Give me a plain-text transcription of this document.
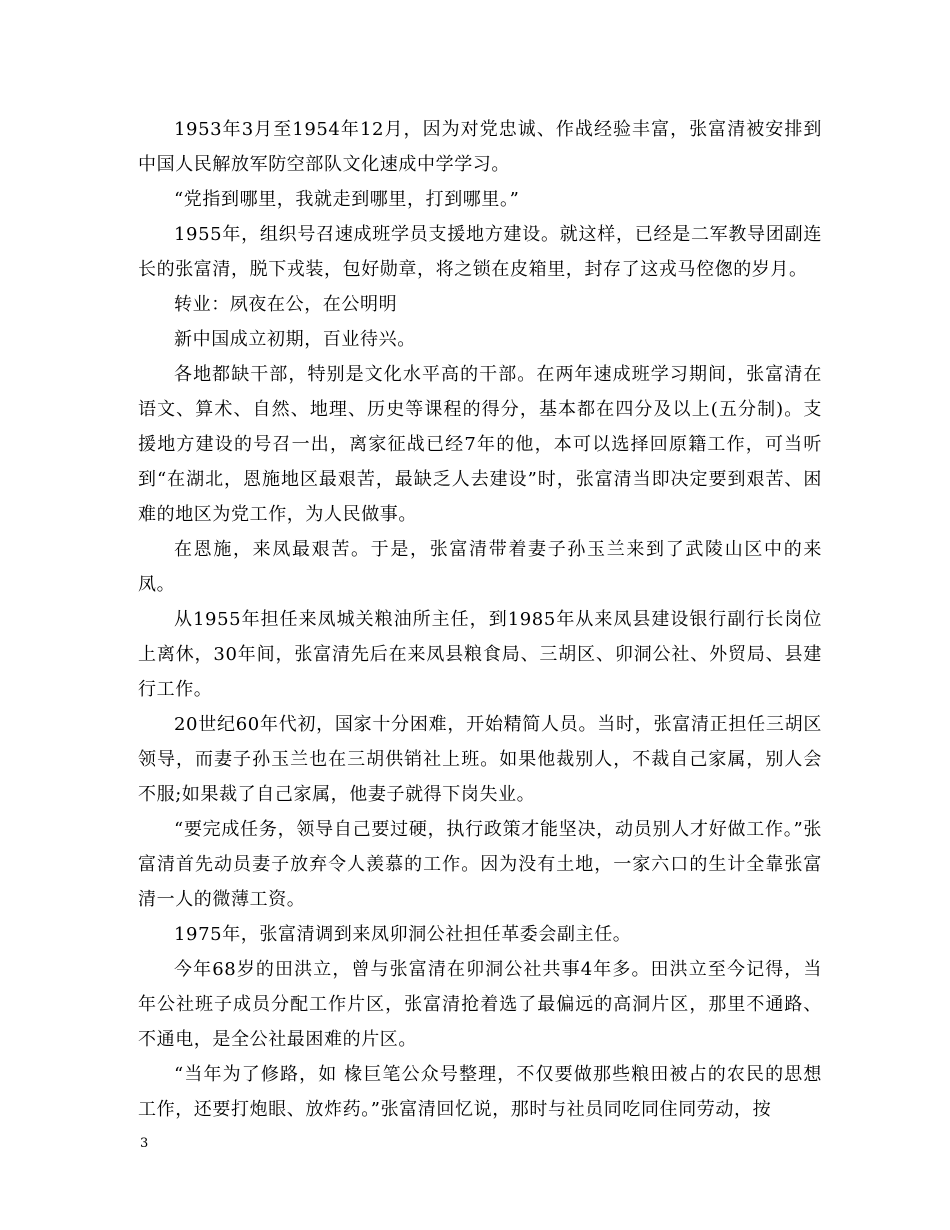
1953年3月至1954年12月，因为对党忠诚、作战经验丰富，张富清被安排到中国人民解放军防空部队文化速成中学学习。

“党指到哪里，我就走到哪里，打到哪里。”

1955年，组织号召速成班学员支援地方建设。就这样，已经是二军教导团副连长的张富清，脱下戎装，包好勋章，将之锁在皮箱里，封存了这戎马倥偬的岁月。

转业：夙夜在公，在公明明

新中国成立初期，百业待兴。

各地都缺干部，特别是文化水平高的干部。在两年速成班学习期间，张富清在语文、算术、自然、地理、历史等课程的得分，基本都在四分及以上(五分制)。支援地方建设的号召一出，离家征战已经7年的他，本可以选择回原籍工作，可当听到“在湖北，恩施地区最艰苦，最缺乏人去建设”时，张富清当即决定要到艰苦、困难的地区为党工作，为人民做事。

在恩施，来凤最艰苦。于是，张富清带着妻子孙玉兰来到了武陵山区中的来凤。

从1955年担任来凤城关粮油所主任，到1985年从来凤县建设银行副行长岗位上离休，30年间，张富清先后在来凤县粮食局、三胡区、卯洞公社、外贸局、县建行工作。

20世纪60年代初，国家十分困难，开始精简人员。当时，张富清正担任三胡区领导，而妻子孙玉兰也在三胡供销社上班。如果他裁别人，不裁自己家属，别人会不服;如果裁了自己家属，他妻子就得下岗失业。

“要完成任务，领导自己要过硬，执行政策才能坚决，动员别人才好做工作。”张富清首先动员妻子放弃令人羡慕的工作。因为没有土地，一家六口的生计全靠张富清一人的微薄工资。

1975年，张富清调到来凤卯洞公社担任革委会副主任。

今年68岁的田洪立，曾与张富清在卯洞公社共事4年多。田洪立至今记得，当年公社班子成员分配工作片区，张富清抢着选了最偏远的高洞片区，那里不通路、不通电，是全公社最困难的片区。

“当年为了修路，如 椽巨笔公众号整理，不仅要做那些粮田被占的农民的思想工作，还要打炮眼、放炸药。”张富清回忆说，那时与社员同吃同住同劳动，按

3
